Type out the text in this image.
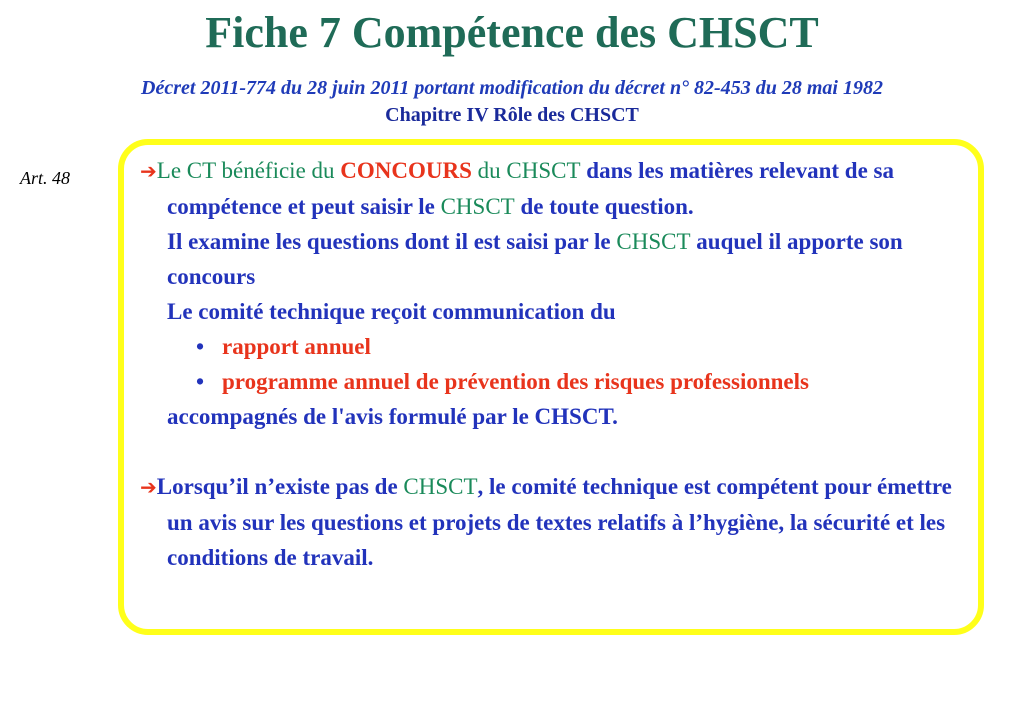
Fiche 7 Compétence des CHSCT
Décret 2011-774 du 28 juin 2011 portant modification du décret n° 82-453 du 28 mai 1982
Chapitre IV Rôle des CHSCT
Art. 48	➔Le CT bénéficie du CONCOURS du CHSCT dans les matières relevant de sa compétence et peut saisir le CHSCT de toute question.

Il examine les questions dont il est saisi par le CHSCT auquel il apporte son concours

Le comité technique reçoit communication du

• rapport annuel
• programme annuel de prévention des risques professionnels

accompagnés de l'avis formulé par le CHSCT.

➔Lorsqu’il n’existe pas de CHSCT, le comité technique est compétent pour émettre un avis sur les questions et projets de textes relatifs à l’hygiène, la sécurité et les conditions de travail.
